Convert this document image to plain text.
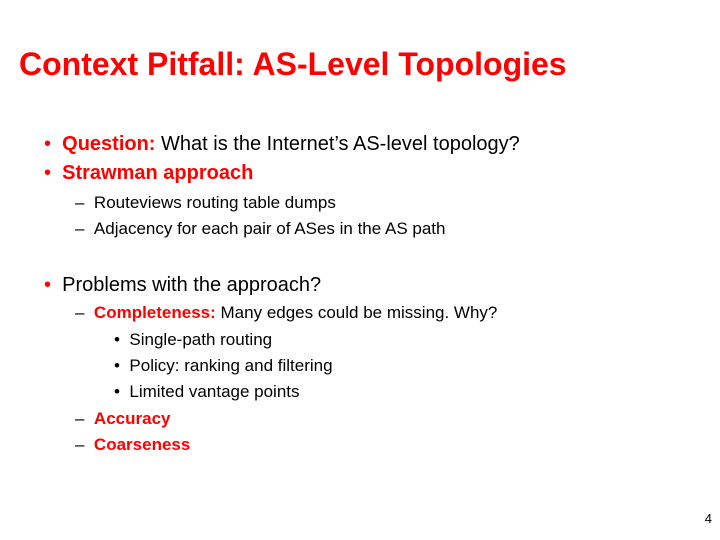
Context Pitfall: AS-Level Topologies
• Question: What is the Internet’s AS-level topology?
• Strawman approach
– Routeviews routing table dumps
– Adjacency for each pair of ASes in the AS path
• Problems with the approach?
– Completeness: Many edges could be missing. Why?
• Single-path routing
• Policy: ranking and filtering
• Limited vantage points
– Accuracy
– Coarseness
4
